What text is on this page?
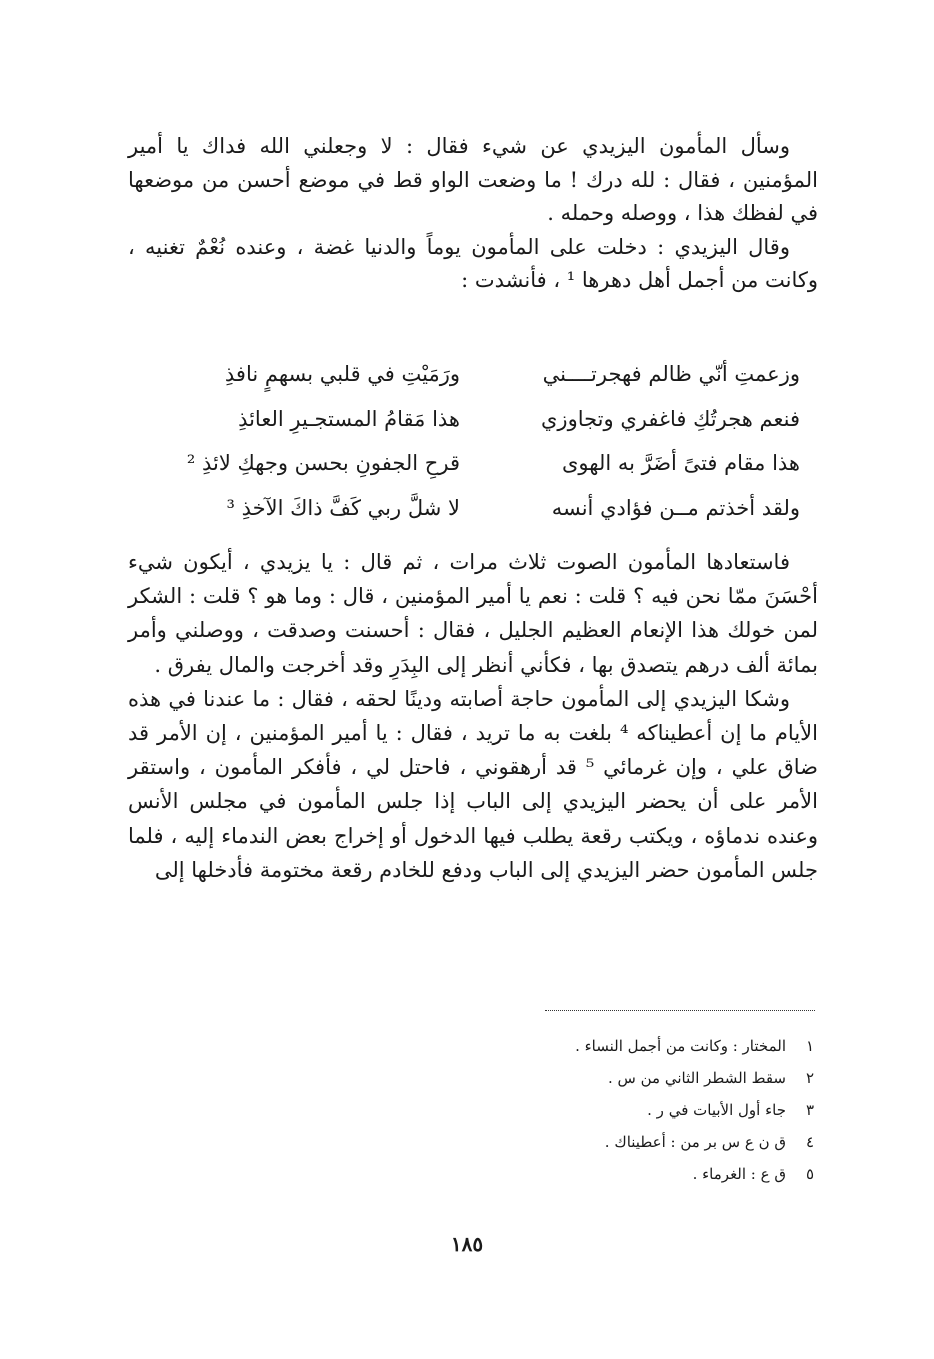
وسأل المأمون اليزيدي عن شيء فقال : لا وجعلني الله فداك يا أمير المؤمنين ، فقال : لله درك ! ما وضعت الواو قط في موضع أحسن من موضعها في لفظك هذا ، ووصله وحمله .

وقال اليزيدي : دخلت على المأمون يوماً والدنيا غضة ، وعنده نُعْمٌ تغنيه ، وكانت من أجمل أهل دهرها ¹ ، فأنشدت :

وزعمتِ أنّي ظالم فهجرتــــني
ورَمَيْتِ في قلبي بسهمٍ نافذِ
فنعم هجرتُكِ فاغفري وتجاوزي
هذا مَقامُ المستجـيرِ العائذِ
هذا مقام فتىً أضَرَّ به الهوى
قرحِ الجفونِ بحسن وجهكِ لائذِ ²
ولقد أخذتم مــن فؤادي أنسه
لا شلَّ ربي كَفَّ ذاكَ الآخذِ ³

فاستعادها المأمون الصوت ثلاث مرات ، ثم قال : يا يزيدي ، أيكون شيء أحْسَنَ ممّا نحن فيه ؟ قلت : نعم يا أمير المؤمنين ، قال : وما هو ؟ قلت : الشكر لمن خولك هذا الإنعام العظيم الجليل ، فقال : أحسنت وصدقت ، ووصلني وأمر بمائة ألف درهم يتصدق بها ، فكأني أنظر إلى البِدَرِ وقد أخرجت والمال يفرق .

وشكا اليزيدي إلى المأمون حاجة أصابته ودينًا لحقه ، فقال : ما عندنا في هذه الأيام ما إن أعطيناكه ⁴ بلغت به ما تريد ، فقال : يا أمير المؤمنين ، إن الأمر قد ضاق علي ، وإن غرمائي ⁵ قد أرهقوني ، فاحتل لي ، فأفكر المأمون ، واستقر الأمر على أن يحضر اليزيدي إلى الباب إذا جلس المأمون في مجلس الأنس وعنده ندماؤه ، ويكتب رقعة يطلب فيها الدخول أو إخراج بعض الندماء إليه ، فلما جلس المأمون حضر اليزيدي إلى الباب ودفع للخادم رقعة مختومة فأدخلها إلى

١
المختار : وكانت من أجمل النساء .
٢
سقط الشطر الثاني من س .
٣
جاء أول الأبيات في ر .
٤
ق ن ع س بر من : أعطيناك .
٥
ق ع : الغرماء .
١٨٥
